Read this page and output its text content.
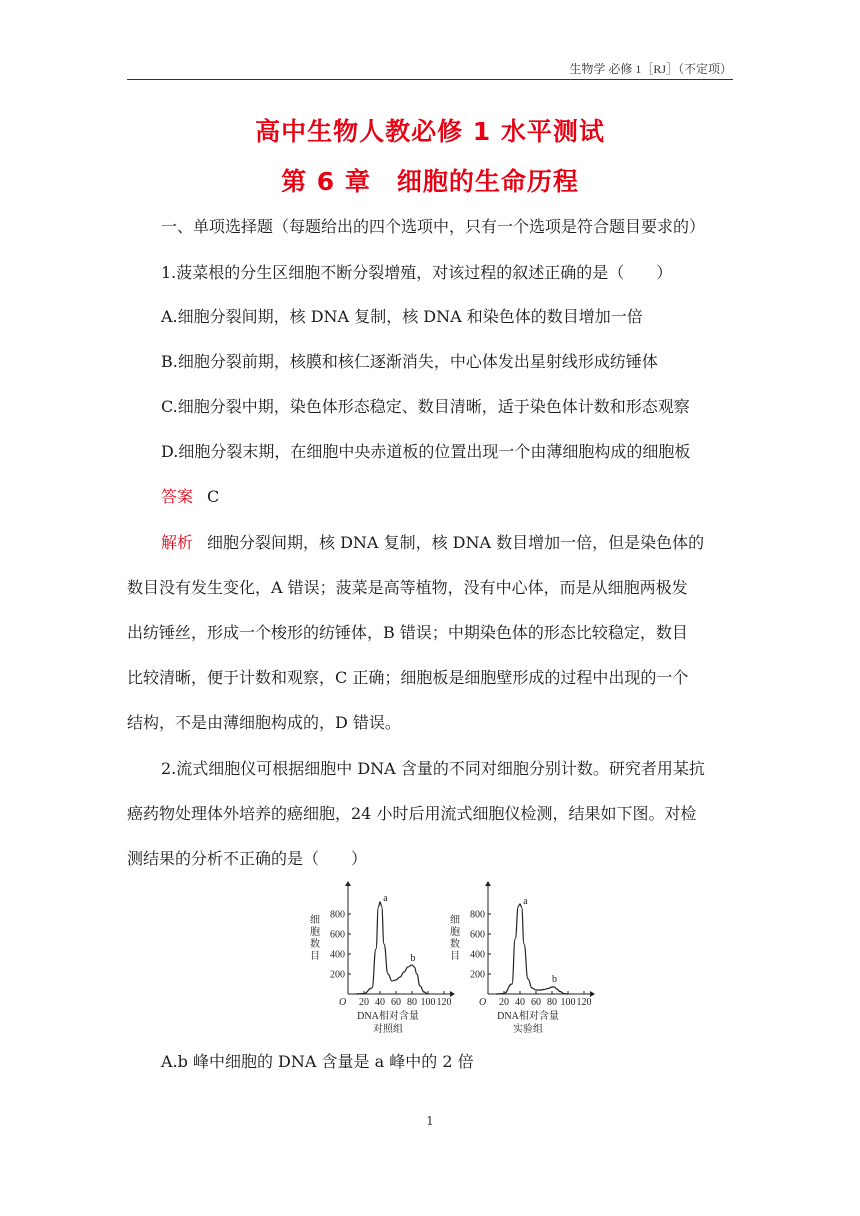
生物学 必修 1［RJ］（不定项）
高中生物人教必修 1 水平测试
第 6 章　细胞的生命历程
一、单项选择题（每题给出的四个选项中，只有一个选项是符合题目要求的）
1.菠菜根的分生区细胞不断分裂增殖，对该过程的叙述正确的是（　　）
A.细胞分裂间期，核 DNA 复制，核 DNA 和染色体的数目增加一倍
B.细胞分裂前期，核膜和核仁逐渐消失，中心体发出星射线形成纺锤体
C.细胞分裂中期，染色体形态稳定、数目清晰，适于染色体计数和形态观察
D.细胞分裂末期，在细胞中央赤道板的位置出现一个由薄细胞构成的细胞板
答案 C
解析 细胞分裂间期，核 DNA 复制，核 DNA 数目增加一倍，但是染色体的
数目没有发生变化，A 错误；菠菜是高等植物，没有中心体，而是从细胞两极发
出纺锤丝，形成一个梭形的纺锤体，B 错误；中期染色体的形态比较稳定，数目
比较清晰，便于计数和观察，C 正确；细胞板是细胞壁形成的过程中出现的一个
结构，不是由薄细胞构成的，D 错误。
2.流式细胞仪可根据细胞中 DNA 含量的不同对细胞分别计数。研究者用某抗
癌药物处理体外培养的癌细胞，24 小时后用流式细胞仪检测，结果如下图。对检
测结果的分析不正确的是（　　）
O 20 40 60 80 100 120
200
400
600
800
细
胞
数
目
DNA相对含量
对照组
a
b
O 20 40 60 80 100 120
200
400
600
800
细
胞
数
目
DNA相对含量
实验组
a
b
A.b 峰中细胞的 DNA 含量是 a 峰中的 2 倍
1
